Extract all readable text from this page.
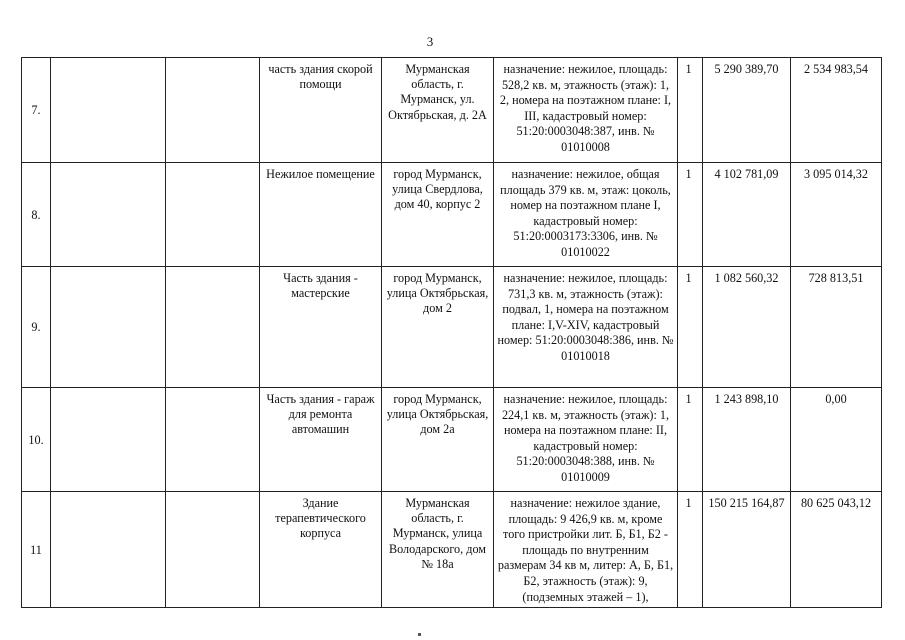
3
7.			часть здания скорой помощи	Мурманская область, г. Мурманск, ул. Октябрьская, д. 2А	назначение: нежилое, площадь: 528,2 кв. м, этажность (этаж): 1, 2, номера на поэтажном плане: I, III, кадастровый номер: 51:20:0003048:387, инв. № 01010008	1	5 290 389,70	2 534 983,54
8.			Нежилое помещение	город Мурманск, улица Свердлова, дом 40, корпус 2	назначение: нежилое, общая площадь 379 кв. м, этаж: цоколь, номер на поэтажном плане I, кадастровый номер: 51:20:0003173:3306, инв. № 01010022	1	4 102 781,09	3 095 014,32
9.			Часть здания - мастерские	город Мурманск, улица Октябрьская, дом 2	назначение: нежилое, площадь: 731,3 кв. м, этажность (этаж): подвал, 1, номера на поэтажном плане: I,V-XIV, кадастровый номер: 51:20:0003048:386, инв. № 01010018	1	1 082 560,32	728 813,51
10.			Часть здания - гараж для ремонта автомашин	город Мурманск, улица Октябрьская, дом 2а	назначение: нежилое, площадь: 224,1 кв. м, этажность (этаж): 1, номера на поэтажном плане: II, кадастровый номер: 51:20:0003048:388, инв. № 01010009	1	1 243 898,10	0,00
11			Здание терапевтического корпуса	Мурманская область, г. Мурманск, улица Володарского, дом № 18а	назначение: нежилое здание, площадь: 9 426,9 кв. м, кроме того пристройки лит. Б, Б1, Б2 - площадь по внутренним размерам 34 кв м, литер: А, Б, Б1, Б2, этажность (этаж): 9, (подземных этажей – 1),	1	150 215 164,87	80 625 043,12
